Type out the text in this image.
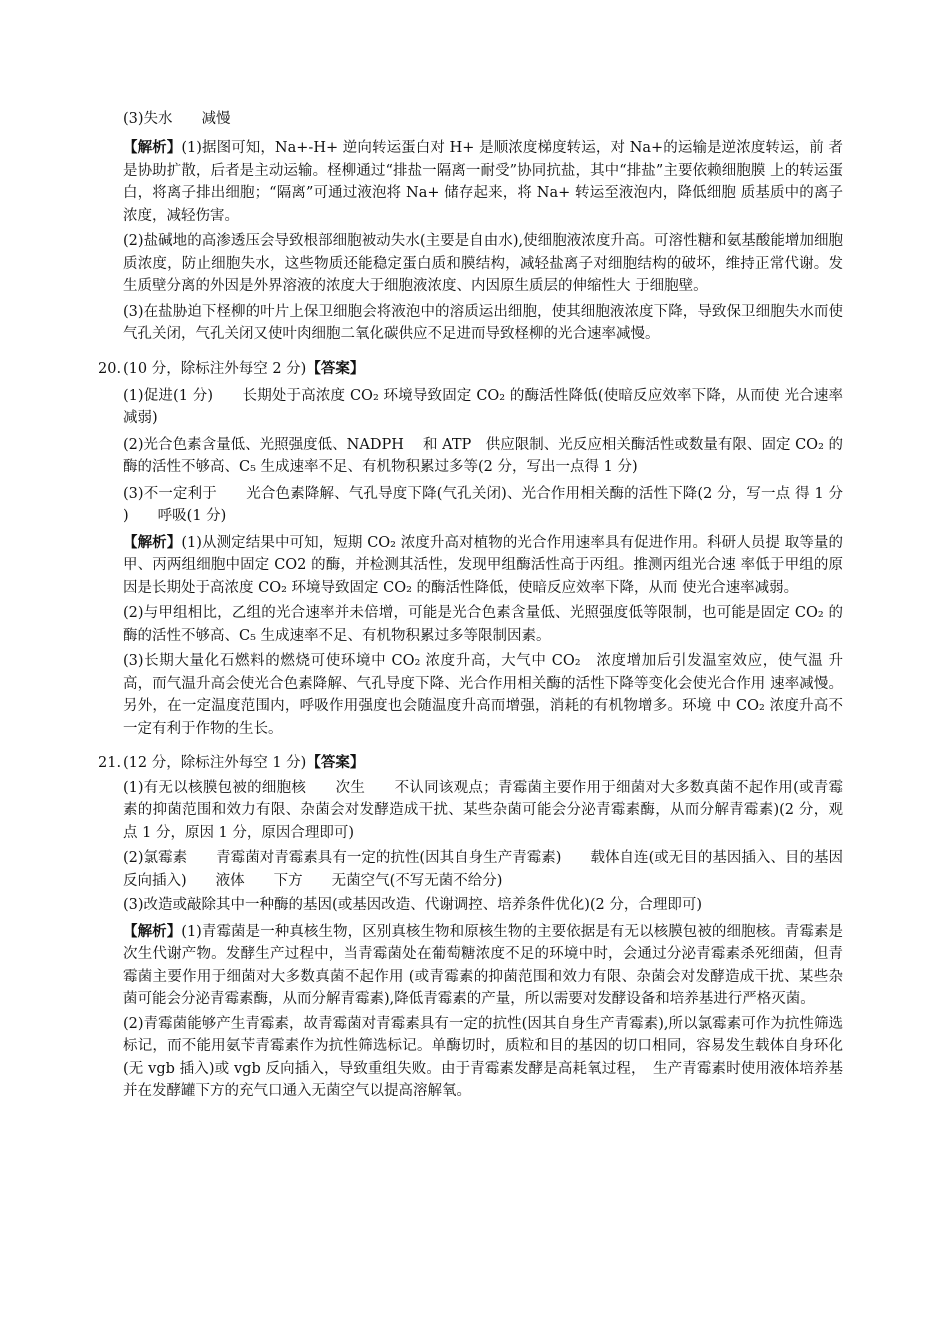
(3)失水　　减慢

【解析】(1)据图可知，Na+-H+ 逆向转运蛋白对 H+ 是顺浓度梯度转运，对 Na+的运输是逆浓度转运，前 者是协助扩散，后者是主动运输。柽柳通过“排盐一隔离一耐受”协同抗盐，其中“排盐”主要依赖细胞膜 上的转运蛋白，将离子排出细胞；“隔离”可通过液泡将 Na+ 储存起来，将 Na+ 转运至液泡内，降低细胞 质基质中的离子浓度，减轻伤害。

(2)盐碱地的高渗透压会导致根部细胞被动失水(主要是自由水),使细胞液浓度升高。可溶性糖和氨基酸能增加细胞质浓度，防止细胞失水，这些物质还能稳定蛋白质和膜结构，减轻盐离子对细胞结构的破坏，维持正常代谢。发生质壁分离的外因是外界溶液的浓度大于细胞液浓度、内因原生质层的伸缩性大 于细胞壁。

(3)在盐胁迫下柽柳的叶片上保卫细胞会将液泡中的溶质运出细胞，使其细胞液浓度下降，导致保卫细胞失水而使气孔关闭，气孔关闭又使叶肉细胞二氧化碳供应不足进而导致柽柳的光合速率减慢。

20. (10 分，除标注外每空 2 分)【答案】

(1)促进(1 分)　　长期处于高浓度 CO₂ 环境导致固定 CO₂ 的酶活性降低(使暗反应效率下降，从而使 光合速率减弱)

(2)光合色素含量低、光照强度低、NADPH　 和 ATP　供应限制、光反应相关酶活性或数量有限、固定 CO₂ 的酶的活性不够高、C₅ 生成速率不足、有机物积累过多等(2 分，写出一点得 1 分)

(3)不一定利于　　光合色素降解、气孔导度下降(气孔关闭)、光合作用相关酶的活性下降(2 分，写一点 得 1 分 )　　呼吸(1 分)

【解析】(1)从测定结果中可知，短期 CO₂ 浓度升高对植物的光合作用速率具有促进作用。科研人员提 取等量的甲、丙两组细胞中固定 CO2 的酶，并检测其活性，发现甲组酶活性高于丙组。推测丙组光合速 率低于甲组的原因是长期处于高浓度 CO₂ 环境导致固定 CO₂ 的酶活性降低，使暗反应效率下降，从而 使光合速率减弱。

(2)与甲组相比，乙组的光合速率并未倍增，可能是光合色素含量低、光照强度低等限制，也可能是固定 CO₂ 的酶的活性不够高、C₅ 生成速率不足、有机物积累过多等限制因素。

(3)长期大量化石燃料的燃烧可使环境中 CO₂ 浓度升高，大气中 CO₂　浓度增加后引发温室效应，使气温 升高，而气温升高会使光合色素降解、气孔导度下降、光合作用相关酶的活性下降等变化会使光合作用 速率减慢。另外，在一定温度范围内，呼吸作用强度也会随温度升高而增强，消耗的有机物增多。环境 中 CO₂ 浓度升高不一定有利于作物的生长。

21. (12 分，除标注外每空 1 分)【答案】

(1)有无以核膜包被的细胞核　　次生　　不认同该观点；青霉菌主要作用于细菌对大多数真菌不起作用(或青霉素的抑菌范围和效力有限、杂菌会对发酵造成干扰、某些杂菌可能会分泌青霉素酶，从而分解青霉素)(2 分，观点 1 分，原因 1 分，原因合理即可)

(2)氯霉素　　青霉菌对青霉素具有一定的抗性(因其自身生产青霉素)　　载体自连(或无目的基因插入、目的基因反向插入)　　液体　　下方　　无菌空气(不写无菌不给分)

(3)改造或敲除其中一种酶的基因(或基因改造、代谢调控、培养条件优化)(2 分，合理即可)

【解析】(1)青霉菌是一种真核生物，区别真核生物和原核生物的主要依据是有无以核膜包被的细胞核。青霉素是次生代谢产物。发酵生产过程中，当青霉菌处在葡萄糖浓度不足的环境中时，会通过分泌青霉素杀死细菌，但青霉菌主要作用于细菌对大多数真菌不起作用 (或青霉素的抑菌范围和效力有限、杂菌会对发酵造成干扰、某些杂菌可能会分泌青霉素酶，从而分解青霉素),降低青霉素的产量，所以需要对发酵设备和培养基进行严格灭菌。

(2)青霉菌能够产生青霉素，故青霉菌对青霉素具有一定的抗性(因其自身生产青霉素),所以氯霉素可作为抗性筛选标记，而不能用氨苄青霉素作为抗性筛选标记。单酶切时，质粒和目的基因的切口相同，容易发生载体自身环化(无 vgb 插入)或 vgb 反向插入，导致重组失败。由于青霉素发酵是高耗氧过程，　生产青霉素时使用液体培养基并在发酵罐下方的充气口通入无菌空气以提高溶解氧。
